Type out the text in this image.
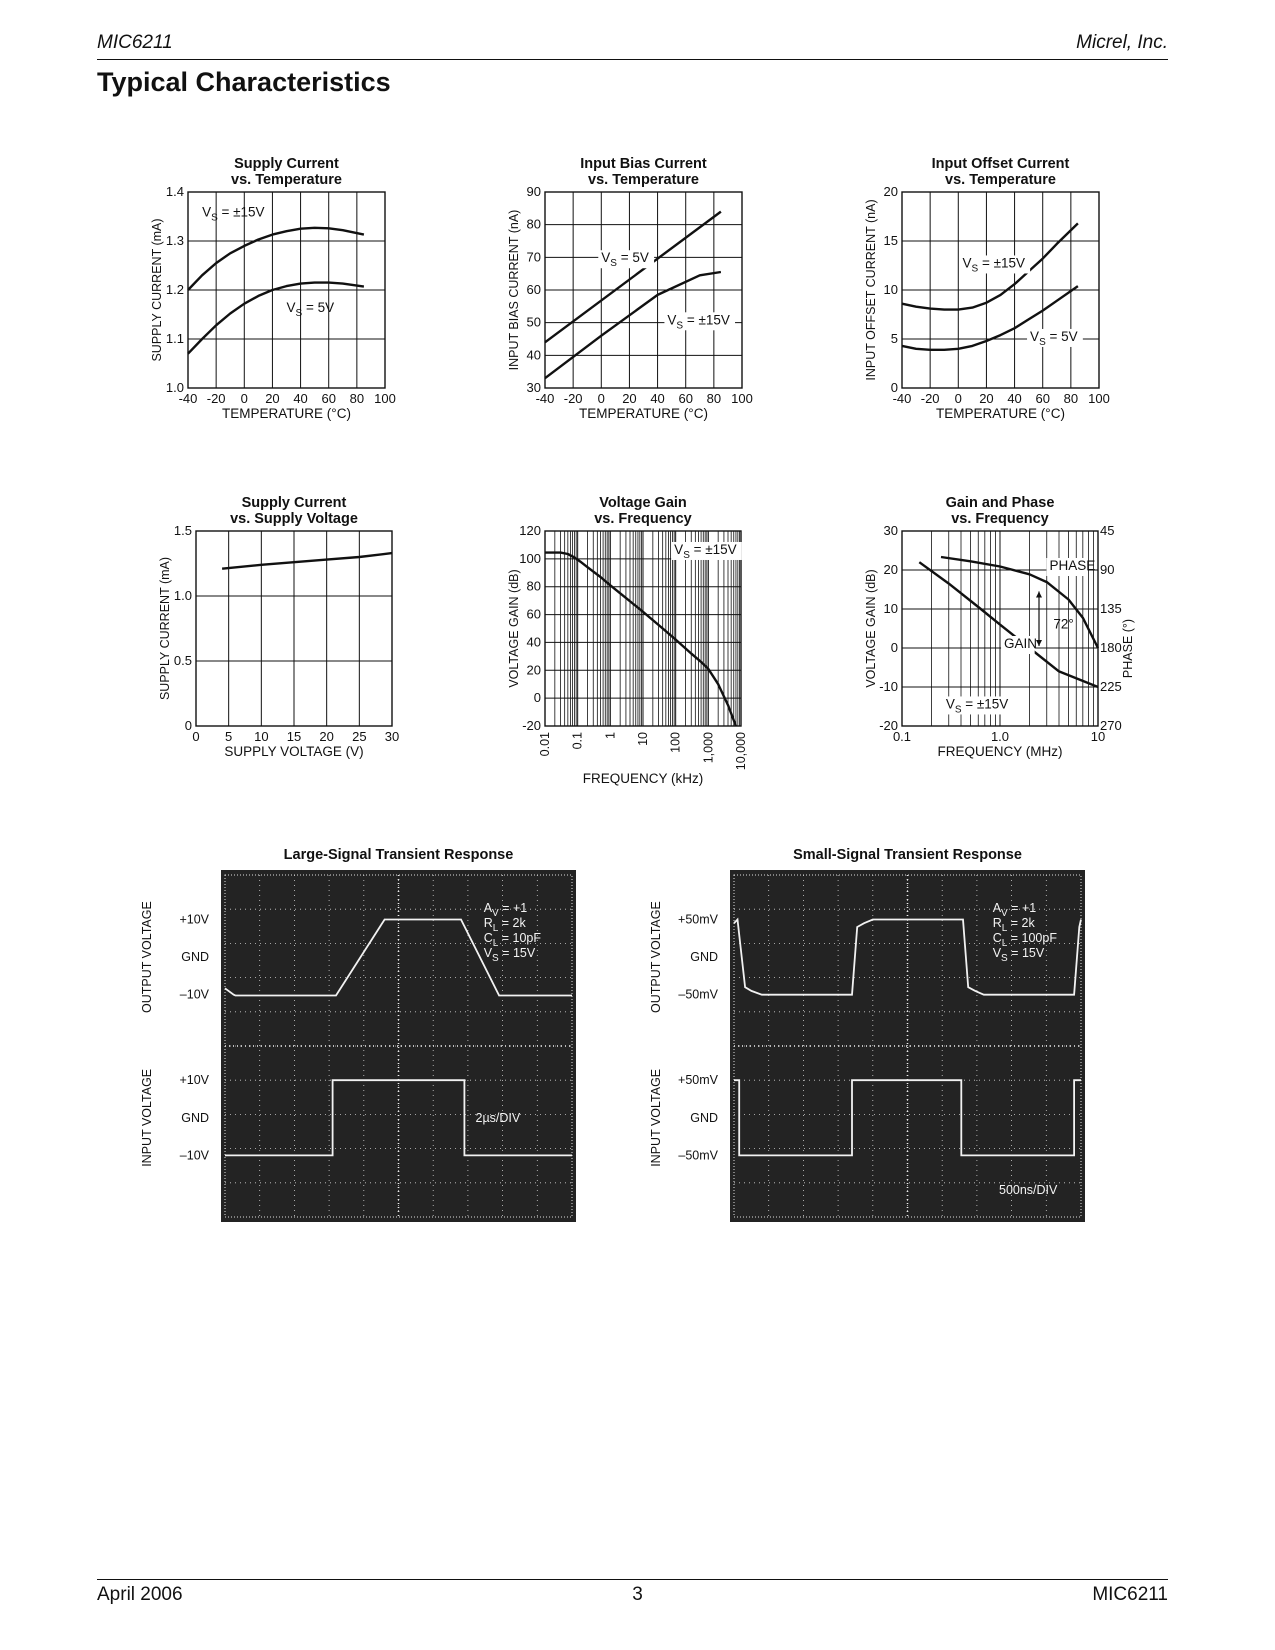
MIC6211	Micrel, Inc.
Typical Characteristics
Supply Current
vs. Temperature
-40 -20 0 20 40 60 80 100
1.0
1.1
1.2
1.3
1.4
TEMPERATURE (°C)
SUPPLY CURRENT (mA)
$V_S = \pm 15V$
$V_S = 5V$
Input Bias Current
vs. Temperature
-40 -20 0 20 40 60 80 100
30
40
50
60
70
80
90
TEMPERATURE (°C)
INPUT BIAS CURRENT (nA)	$V_S = 5V$
$V_S = \pm 15V$
Input Offset Current
vs. Temperature
-40 -20 0 20 40 60 80 100
0
5
10
15
20
TEMPERATURE (°C)
INPUT OFFSET CURRENT (nA)	$V_S = \pm 15V$
$V_S = 5V$
Supply Current
vs. Supply Voltage
0 5 10 15 20 25 30
0
0.5
1.0
1.5
SUPPLY VOLTAGE (V)
SUPPLY CURRENT (mA)
Voltage Gain
vs. Frequency
0.01 0.1 1 10 100 1,000 10,000
-20
0
20
40
60
80
100
120
FREQUENCY (kHz)
VOLTAGE GAIN (dB)
$V_S = \pm 15V$
Gain and Phase
vs. Frequency
0.1	1.0	10
-20
-10
0
10
20
30	45
90
135
180
225
270
FREQUENCY (MHz)
VOLTAGE GAIN (dB)	PHASE (°)
PHASE
GAIN
72°
$V_S = \pm 15V$
Large-Signal Transient Response
+10V
GND
–10V
+10V
GND
–10V
OUTPUT VOLTAGE
INPUT VOLTAGE
$A_V = +1$
$R_L = 2k$
$C_L = 10pF$
$V_S = 15V$
2µs/DIV
Small-Signal Transient Response
+50mV
GND
–50mV
+50mV
GND
–50mV
OUTPUT VOLTAGE
INPUT VOLTAGE
$A_V = +1$
$R_L = 2k$
$C_L = 100pF$
$V_S = 15V$
500ns/DIV
April 2006	3	MIC6211
